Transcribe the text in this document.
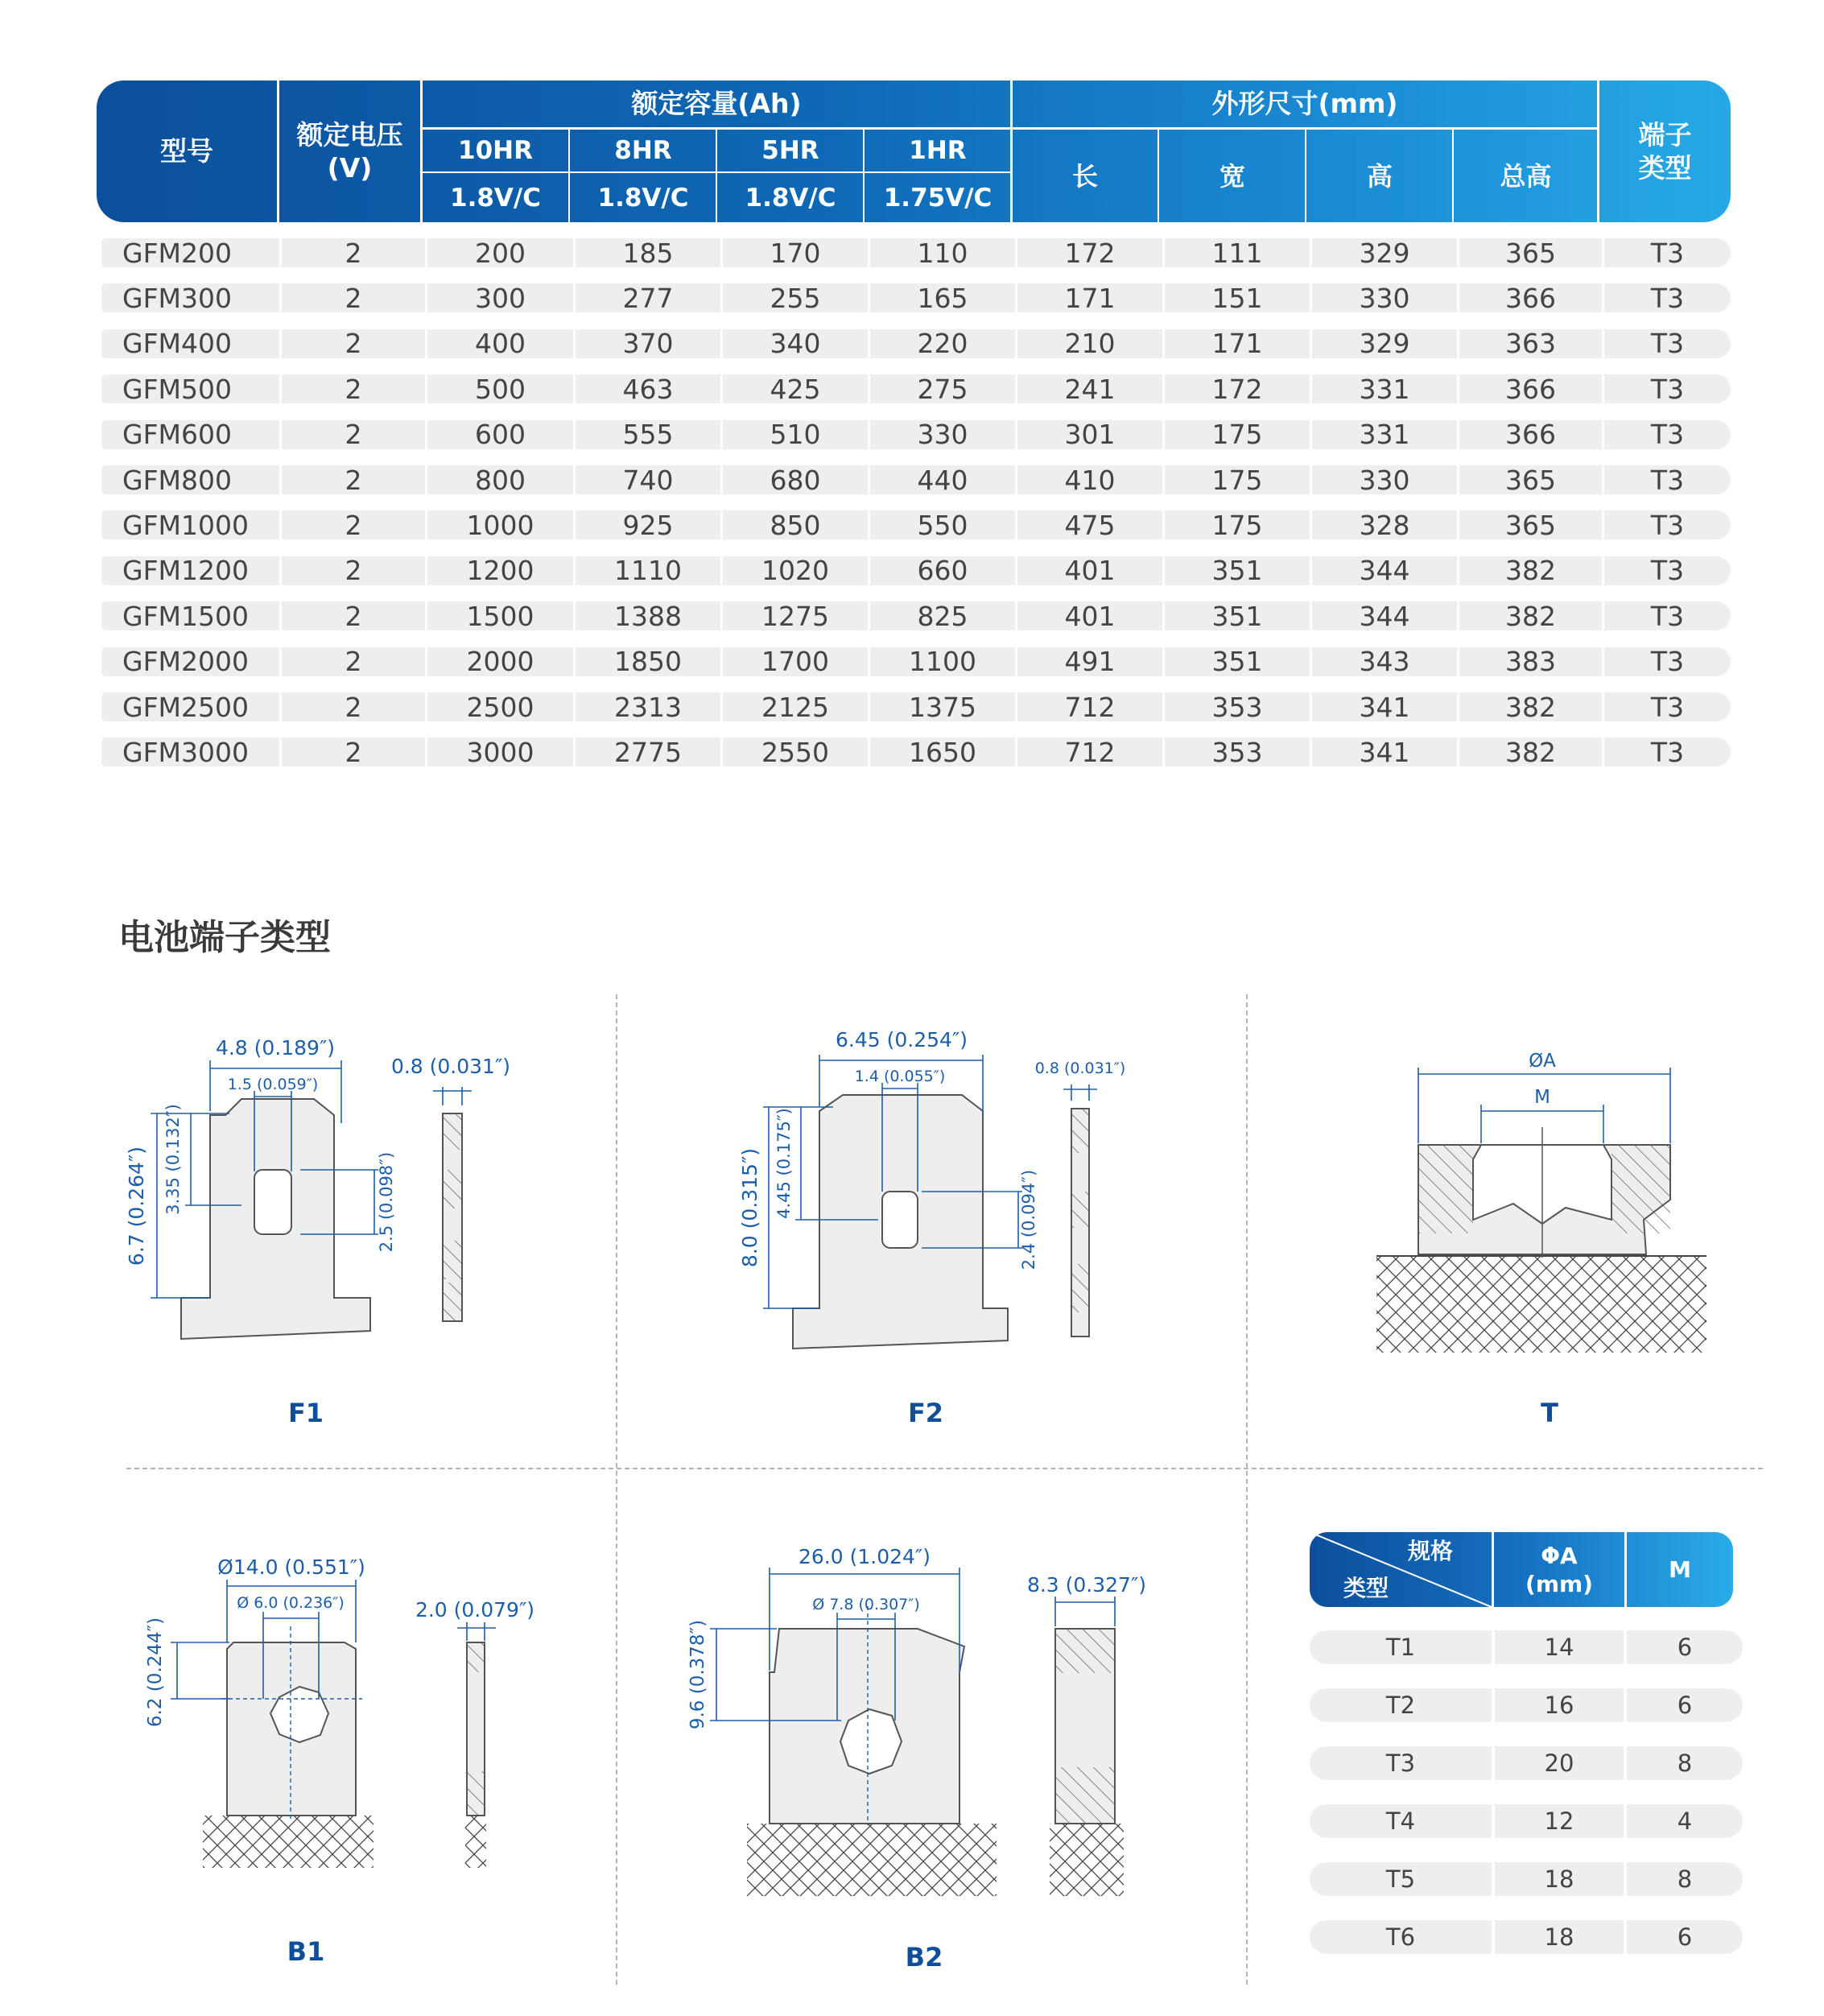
型号
额定电压
(V)
额定容量(Ah)
10HR	8HR	5HR	1HR
1.8V/C	1.8V/C	1.8V/C	1.75V/C
外形尺寸(mm)
长	宽	高	总高
端子
类型
GFM200	2	200	185	170	110	172	111	329	365	T3
GFM300	2	300	277	255	165	171	151	330	366	T3
GFM400	2	400	370	340	220	210	171	329	363	T3
GFM500	2	500	463	425	275	241	172	331	366	T3
GFM600	2	600	555	510	330	301	175	331	366	T3
GFM800	2	800	740	680	440	410	175	330	365	T3
GFM1000	2	1000	925	850	550	475	175	328	365	T3
GFM1200	2	1200	1110	1020	660	401	351	344	382	T3
GFM1500	2	1500	1388	1275	825	401	351	344	382	T3
GFM2000	2	2000	1850	1700	1100	491	351	343	383	T3
GFM2500	2	2500	2313	2125	1375	712	353	341	382	T3
GFM3000	2	3000	2775	2550	1650	712	353	341	382	T3
电池端子类型
4.8 (0.189″)
1.5 (0.059″)
0.8 (0.031″)
6.7 (0.264″) 3.35 (0.132″)	2.5 (0.098″)
F1
6.45 (0.254″)
1.4 (0.055″)	0.8 (0.031″)
8.0 (0.315″) 4.45 (0.175″)
2.4 (0.094″)
F2
ØA
M
T
Ø14.0 (0.551″)
Ø 6.0 (0.236″)	2.0 (0.079″)
6.2 (0.244″)
B1
26.0 (1.024″)
Ø 7.8 (0.307″)
8.3 (0.327″)
9.6 (0.378″)
B2
规格
类型
ΦA
(mm)
M
T1	14	6
T2	16	6
T3	20	8
T4	12	4
T5	18	8
T6	18	6
